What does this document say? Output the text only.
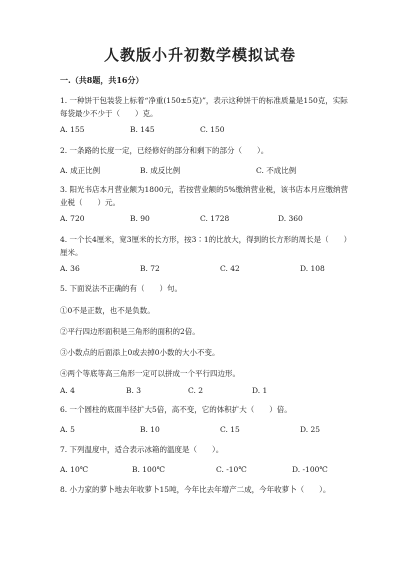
人教版小升初数学模拟试卷
一.（共8题，共16分）
1. 一种饼干包装袋上标着“净重(150±5克)”，表示这种饼干的标准质量是150克，实际每袋最少不少于（　　）克。
A. 155	B. 145	C. 150
2. 一条路的长度一定，已经修好的部分和剩下的部分（　　）。
A. 成正比例	B. 成反比例	C. 不成比例
3. 阳光书店本月营业额为1800元，若按营业额的5%缴纳营业税，该书店本月应缴纳营业税（　　）元。
A. 720	B. 90	C. 1728	D. 360
4. 一个长4厘米，宽3厘米的长方形，按3∶1的比放大，得到的长方形的周长是（　　）厘米。
A. 36	B. 72	C. 42	D. 108
5. 下面说法不正确的有（　　）句。
①0不是正数，也不是负数。
②平行四边形面积是三角形的面积的2倍。
③小数点的后面添上0或去掉0小数的大小不变。
④两个等底等高三角形一定可以拼成一个平行四边形。
A. 4	B. 3	C. 2	D. 1
6. 一个圆柱的底面半径扩大5倍，高不变，它的体积扩大（　　）倍。
A. 5	B. 10	C. 15	D. 25
7. 下列温度中，适合表示冰箱的温度是（　　）。
A. 10℃	B. 100℃	C. -10℃	D. -100℃
8. 小力家的萝卜地去年收萝卜15吨，今年比去年增产二成，今年收萝卜（　　）。
